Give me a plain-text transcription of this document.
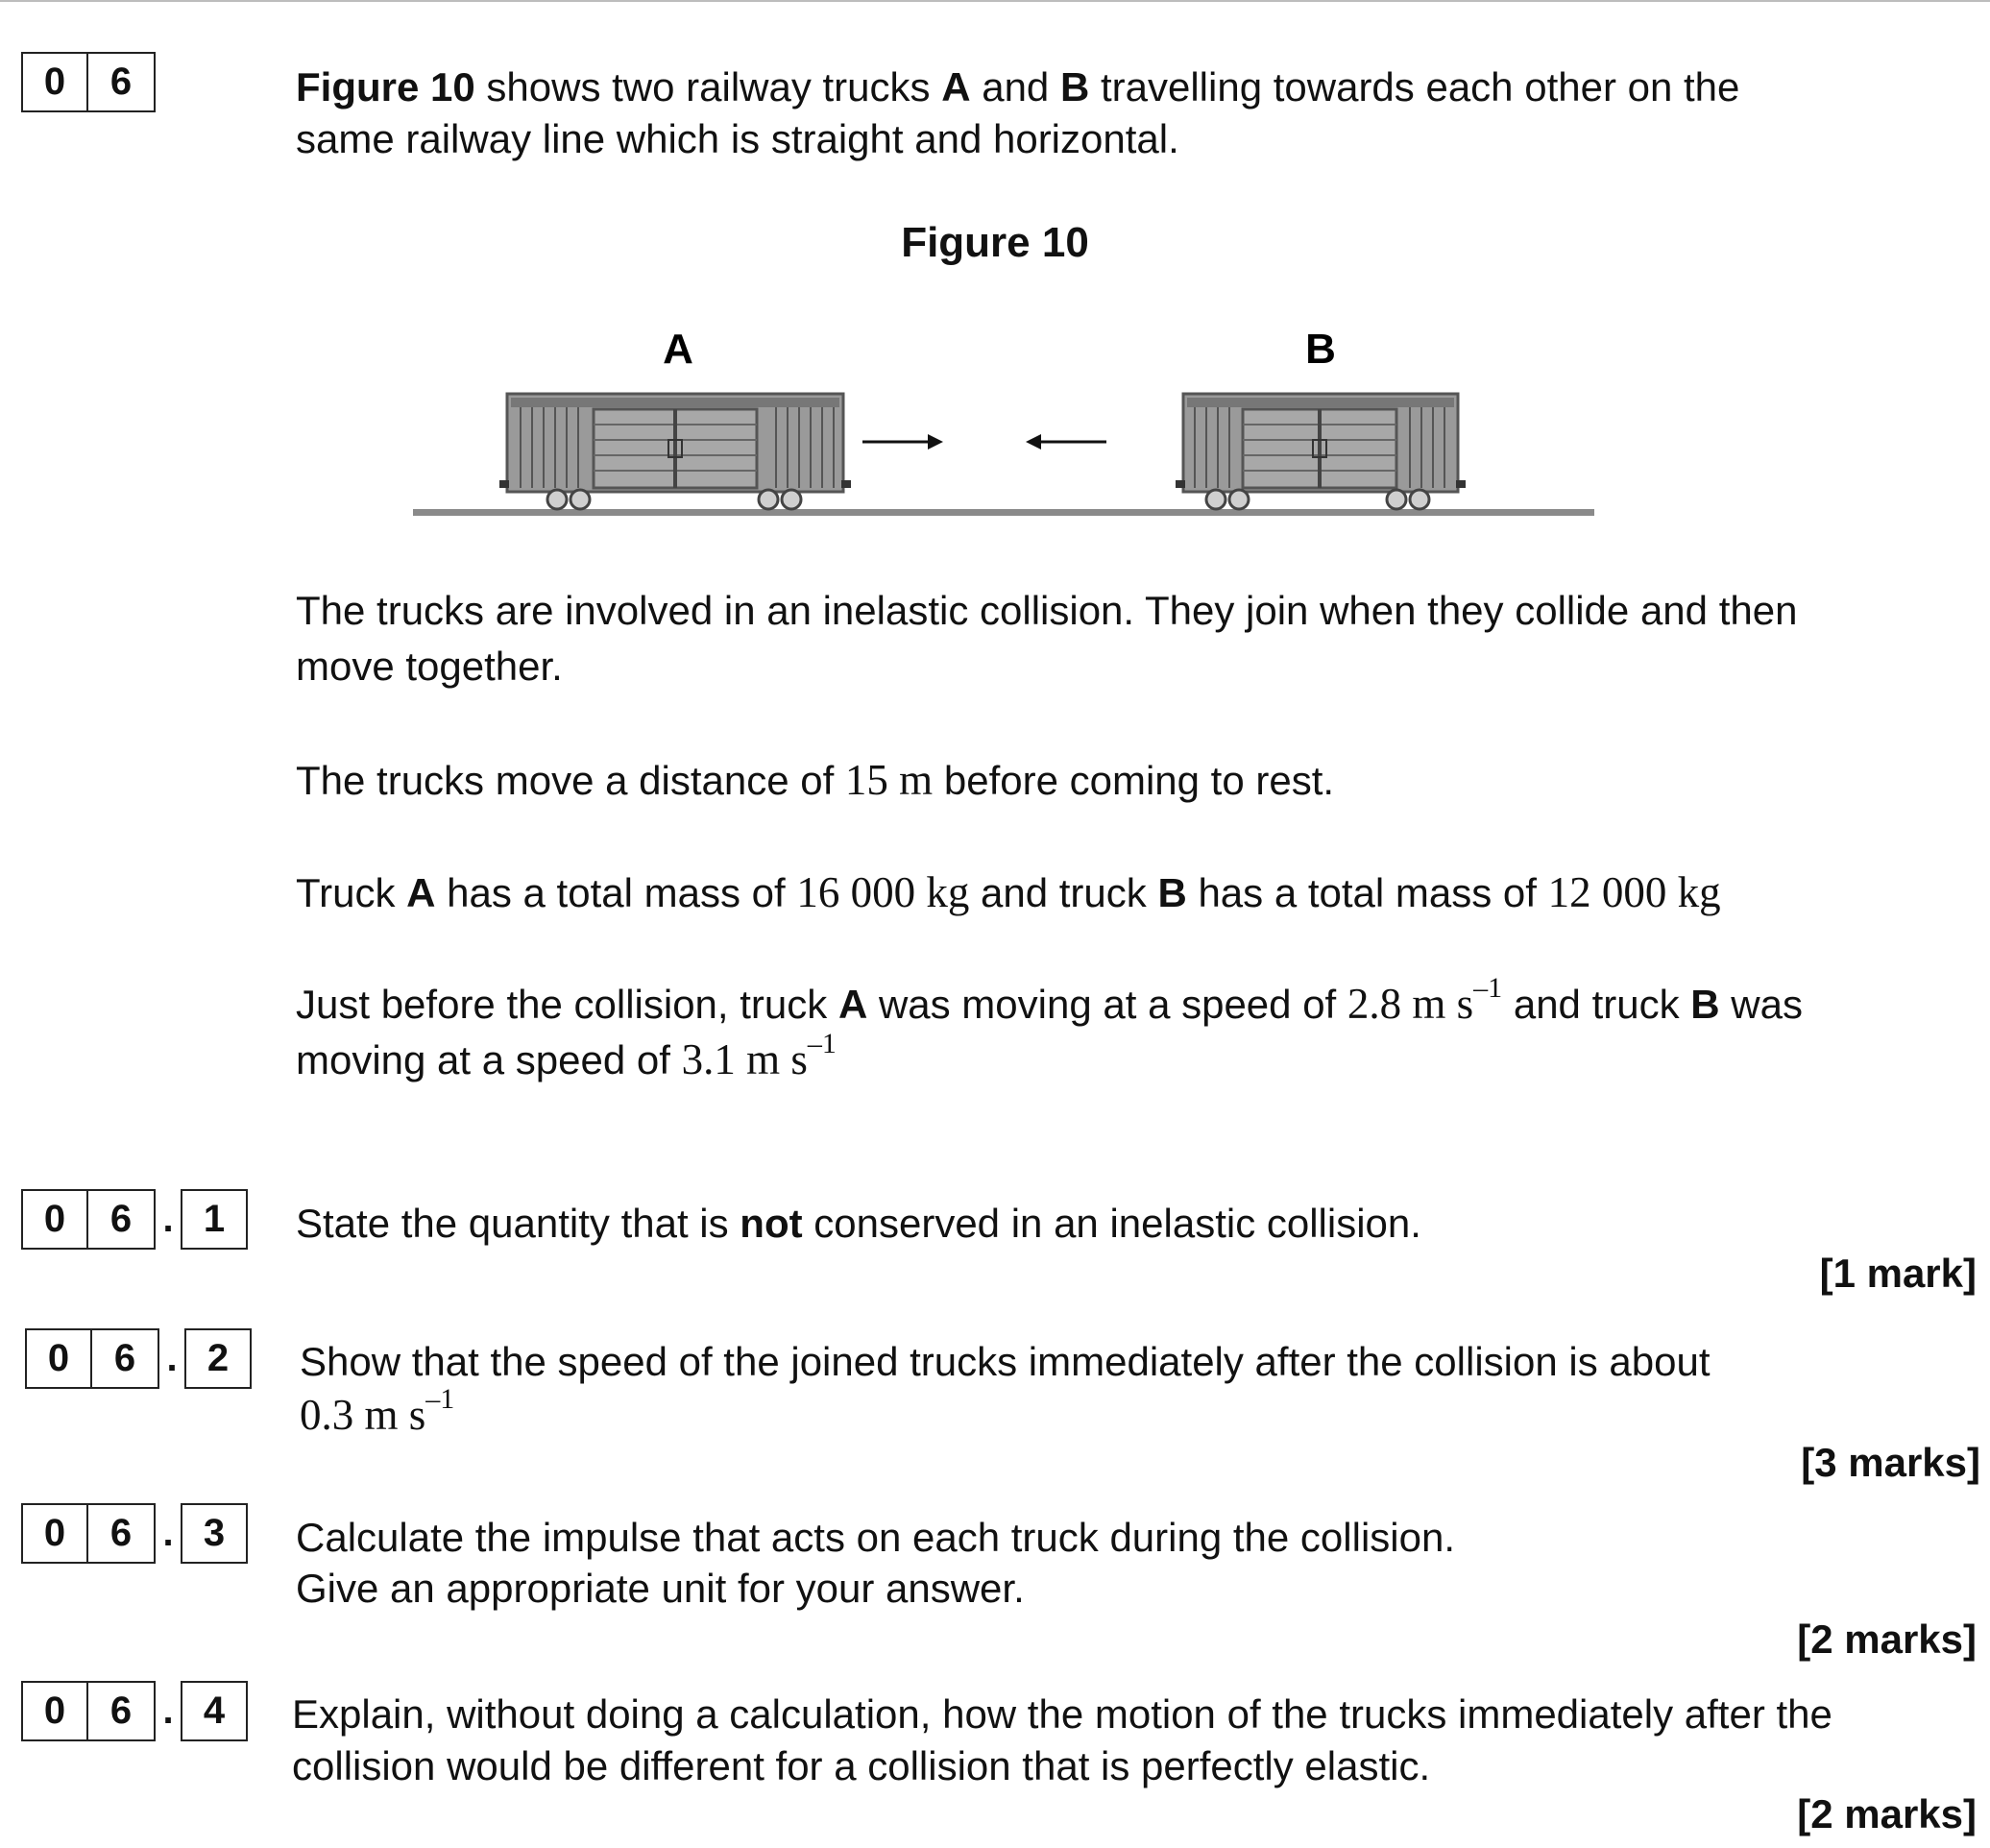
0	6	Figure 10 shows two railway trucks A and B travelling towards each other on the
same railway line which is straight and horizontal.
Figure 10
A	B
The trucks are involved in an inelastic collision. They join when they collide and then
move together.
The trucks move a distance of 15 m before coming to rest.
Truck A has a total mass of 16 000 kg and truck B has a total mass of 12 000 kg
Just before the collision, truck A was moving at a speed of 2.8 m $s^{-1}$ and truck B was
moving at a speed of 3.1 m $s^{-1}$
0	6 . 1	State the quantity that is not conserved in an inelastic collision.
[1 mark]
0	6 . 2	Show that the speed of the joined trucks immediately after the collision is about
0.3 m $s^{-1}$
[3 marks]
0	6 . 3	Calculate the impulse that acts on each truck during the collision.
Give an appropriate unit for your answer.
[2 marks]
0	6 . 4	Explain, without doing a calculation, how the motion of the trucks immediately after the
collision would be different for a collision that is perfectly elastic.
[2 marks]
